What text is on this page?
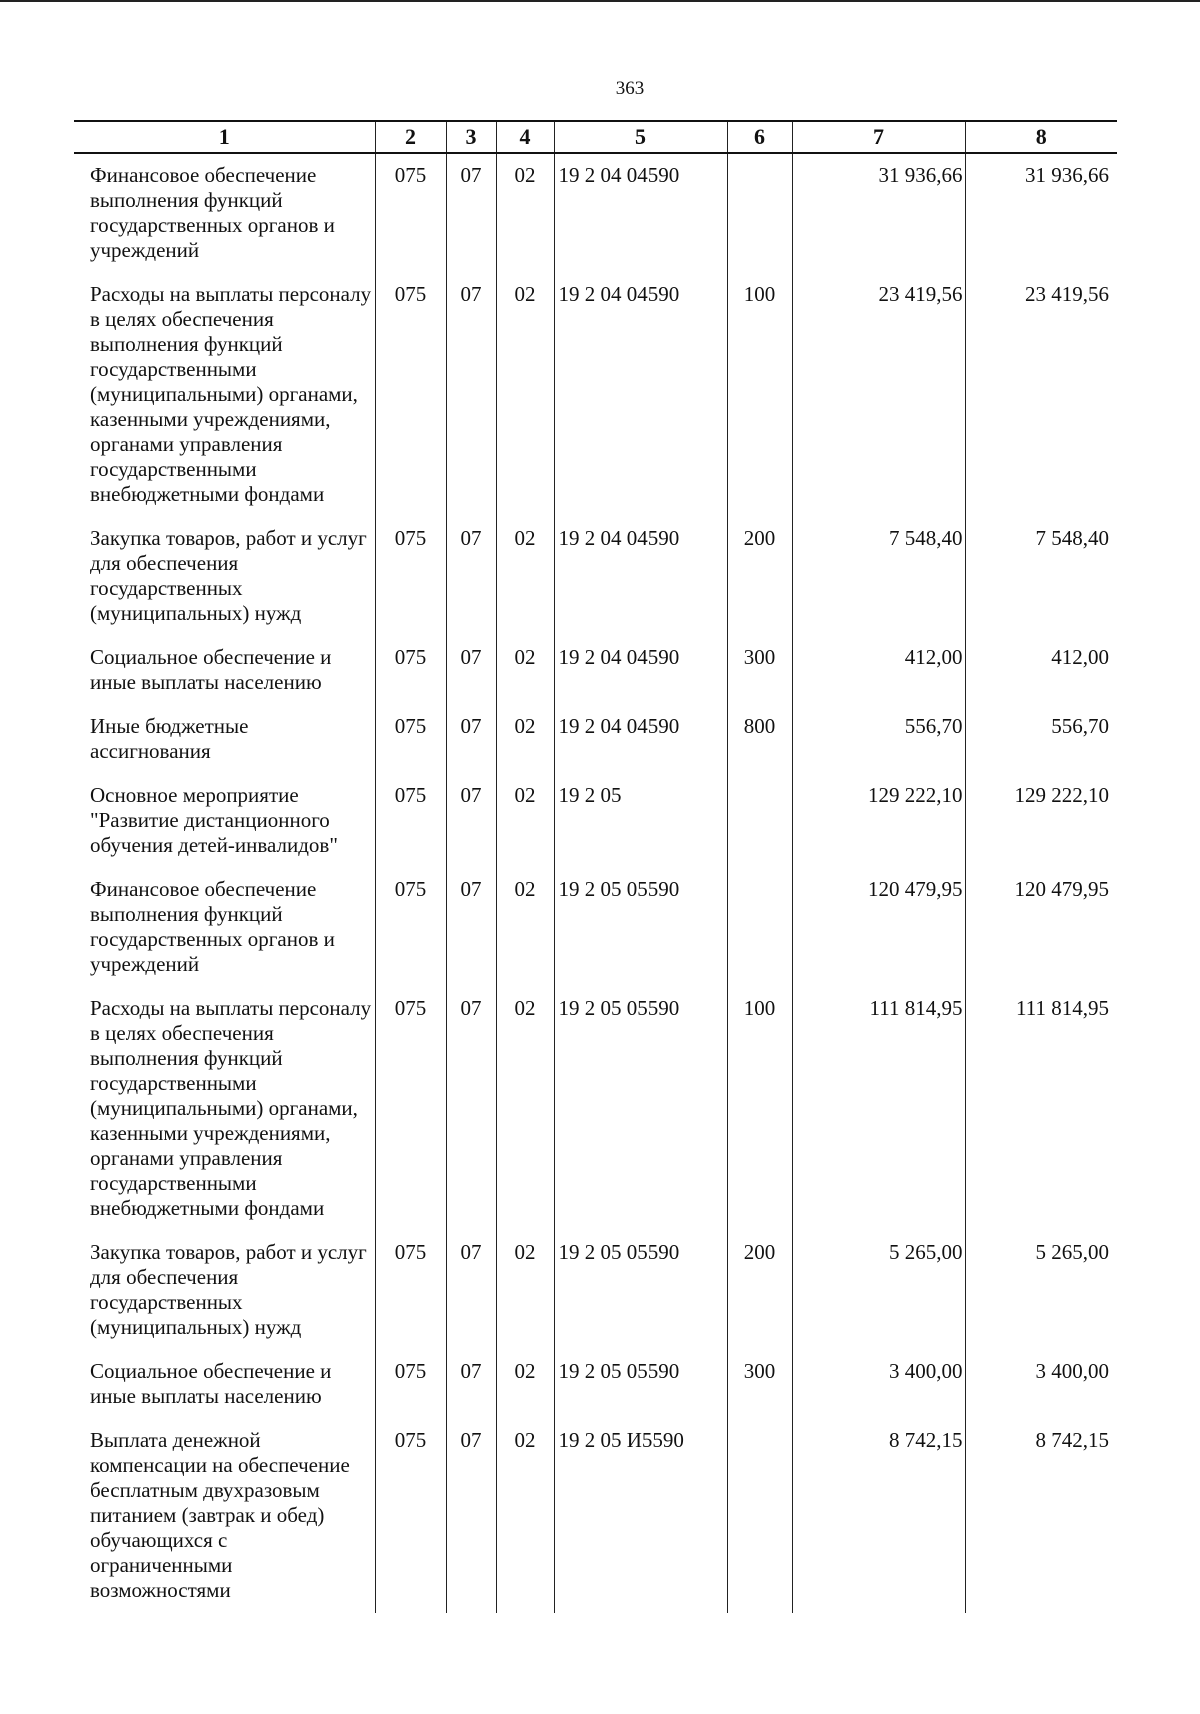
363
1	2	3	4	5	6	7	8
Финансовое обеспечение выполнения функций государственных органов и учреждений	075	07	02	19 2 04 04590		31 936,66	31 936,66
Расходы на выплаты персоналу в целях обеспечения выполнения функций государственными (муниципальными) органами, казенными учреждениями, органами управления государственными внебюджетными фондами	075	07	02	19 2 04 04590	100	23 419,56	23 419,56
Закупка товаров, работ и услуг для обеспечения государственных (муниципальных) нужд	075	07	02	19 2 04 04590	200	7 548,40	7 548,40
Социальное обеспечение и иные выплаты населению	075	07	02	19 2 04 04590	300	412,00	412,00
Иные бюджетные ассигнования	075	07	02	19 2 04 04590	800	556,70	556,70
Основное мероприятие "Развитие дистанционного обучения детей-инвалидов"	075	07	02	19 2 05		129 222,10	129 222,10
Финансовое обеспечение выполнения функций государственных органов и учреждений	075	07	02	19 2 05 05590		120 479,95	120 479,95
Расходы на выплаты персоналу в целях обеспечения выполнения функций государственными (муниципальными) органами, казенными учреждениями, органами управления государственными внебюджетными фондами	075	07	02	19 2 05 05590	100	111 814,95	111 814,95
Закупка товаров, работ и услуг для обеспечения государственных (муниципальных) нужд	075	07	02	19 2 05 05590	200	5 265,00	5 265,00
Социальное обеспечение и иные выплаты населению	075	07	02	19 2 05 05590	300	3 400,00	3 400,00
Выплата денежной компенсации на обеспечение бесплатным двухразовым питанием (завтрак и обед) обучающихся с ограниченными возможностями	075	07	02	19 2 05 И5590		8 742,15	8 742,15
